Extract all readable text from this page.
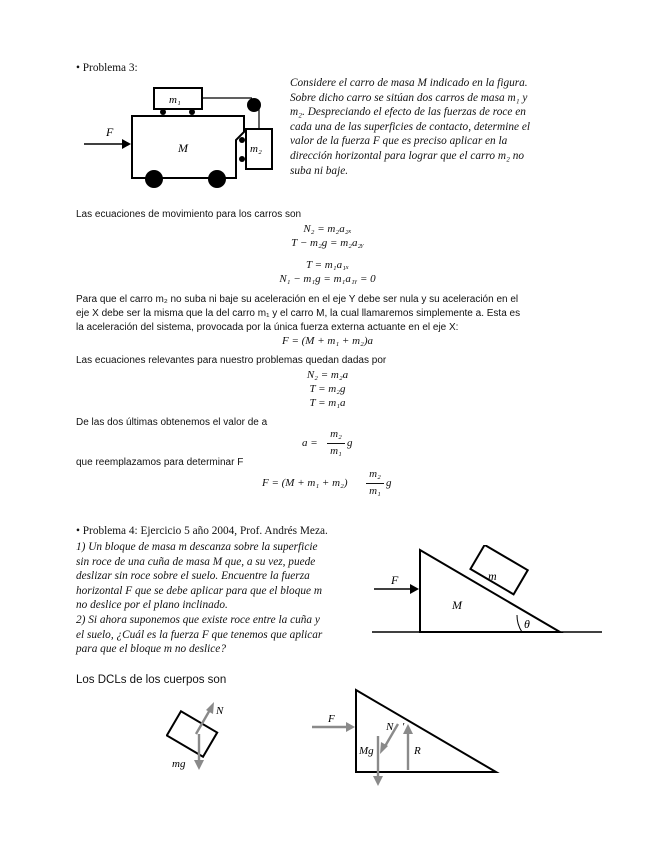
• Problema 3:
F⃗
M
m₁
m₂
Considere el carro de masa M indicado en la figura.
Sobre dicho carro se sitúan dos carros de masa m₁ y
m₂. Despreciando el efecto de las fuerzas de roce en
cada una de las superficies de contacto, determine el
valor de la fuerza F que es preciso aplicar en la
dirección horizontal para lograr que el carro m₂ no
suba ni baje.
Las ecuaciones de movimiento para los carros son
N₂ = m₂a₂ₓ
T − m₂g = m₂a₂ᵧ
T = m₁a₁ₓ
N₁ − m₁g = m₁a₁ᵧ = 0
Para que el carro m₂ no suba ni baje su aceleración en el eje Y debe ser nula y su aceleración en el
eje X debe ser la misma que la del carro m₁ y el carro M, la cual llamaremos simplemente a. Esta es
la aceleración del sistema, provocada por la única fuerza externa actuante en el eje X:
F = (M + m₁ + m₂)a
Las ecuaciones relevantes para nuestro problemas quedan dadas por
N₂ = m₂a
T = m₂g
T = m₁a
De las dos últimas obtenemos el valor de a
a =
m₂
m₁
g
que reemplazamos para determinar F
F = (M + m₁ + m₂)
m₂
m₁
g
• Problema 4: Ejercicio 5 año 2004, Prof. Andrés Meza.
1) Un bloque de masa m descanza sobre la superficie
sin roce de una cuña de masa M que, a su vez, puede
deslizar sin roce sobre el suelo. Encuentre la fuerza
horizontal F que se debe aplicar para que el bloque m
no deslice por el plano inclinado.
2) Si ahora suponemos que existe roce entre la cuña y
el suelo, ¿Cuál es la fuerza F que tenemos que aplicar
para que el bloque m no deslice?
M
F	m
θ
Los DCLs de los cuerpos son
N⃗
mg⃗
F
N⃗′
Mg⃗	R⃗
